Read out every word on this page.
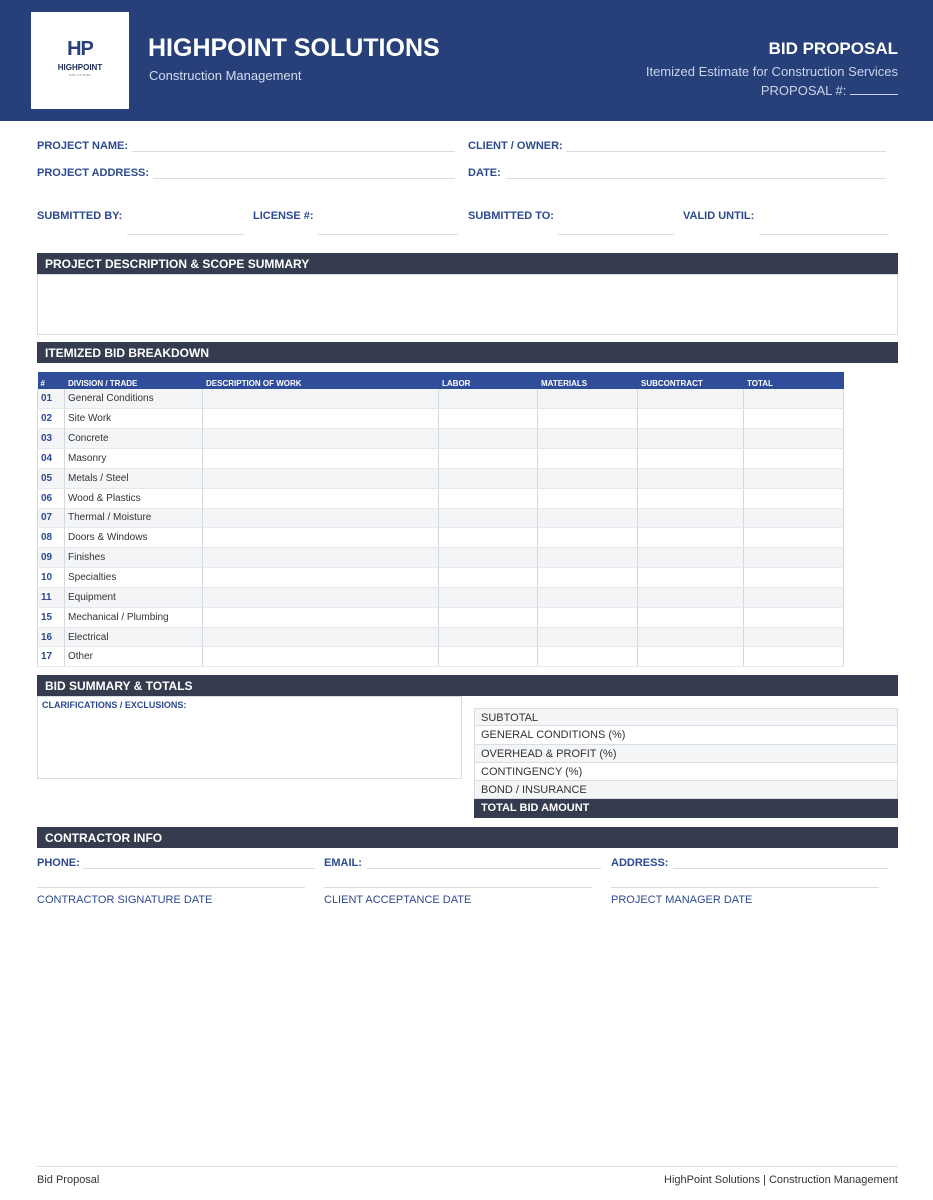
HP
HIGHPOINT
SOLUTIONS
HIGHPOINT SOLUTIONS
Construction Management
BID PROPOSAL
Itemized Estimate for Construction Services
PROPOSAL #:
PROJECT NAME:	CLIENT / OWNER:
PROJECT ADDRESS:	DATE:
SUBMITTED BY:	LICENSE #:	SUBMITTED TO:	VALID UNTIL:
PROJECT DESCRIPTION & SCOPE SUMMARY
ITEMIZED BID BREAKDOWN
#	DIVISION / TRADE	DESCRIPTION OF WORK	LABOR	MATERIALS	SUBCONTRACT	TOTAL
01	General Conditions					
02	Site Work					
03	Concrete					
04	Masonry					
05	Metals / Steel					
06	Wood & Plastics					
07	Thermal / Moisture					
08	Doors & Windows					
09	Finishes					
10	Specialties					
11	Equipment					
15	Mechanical / Plumbing					
16	Electrical					
17	Other					
BID SUMMARY & TOTALS
CLARIFICATIONS / EXCLUSIONS:
SUBTOTAL
GENERAL CONDITIONS (%)
OVERHEAD & PROFIT (%)
CONTINGENCY (%)
BOND / INSURANCE
TOTAL BID AMOUNT
CONTRACTOR INFO
PHONE:	EMAIL:	ADDRESS:
CONTRACTOR SIGNATURE DATE	CLIENT ACCEPTANCE DATE	PROJECT MANAGER DATE
Bid Proposal	HighPoint Solutions | Construction Management
